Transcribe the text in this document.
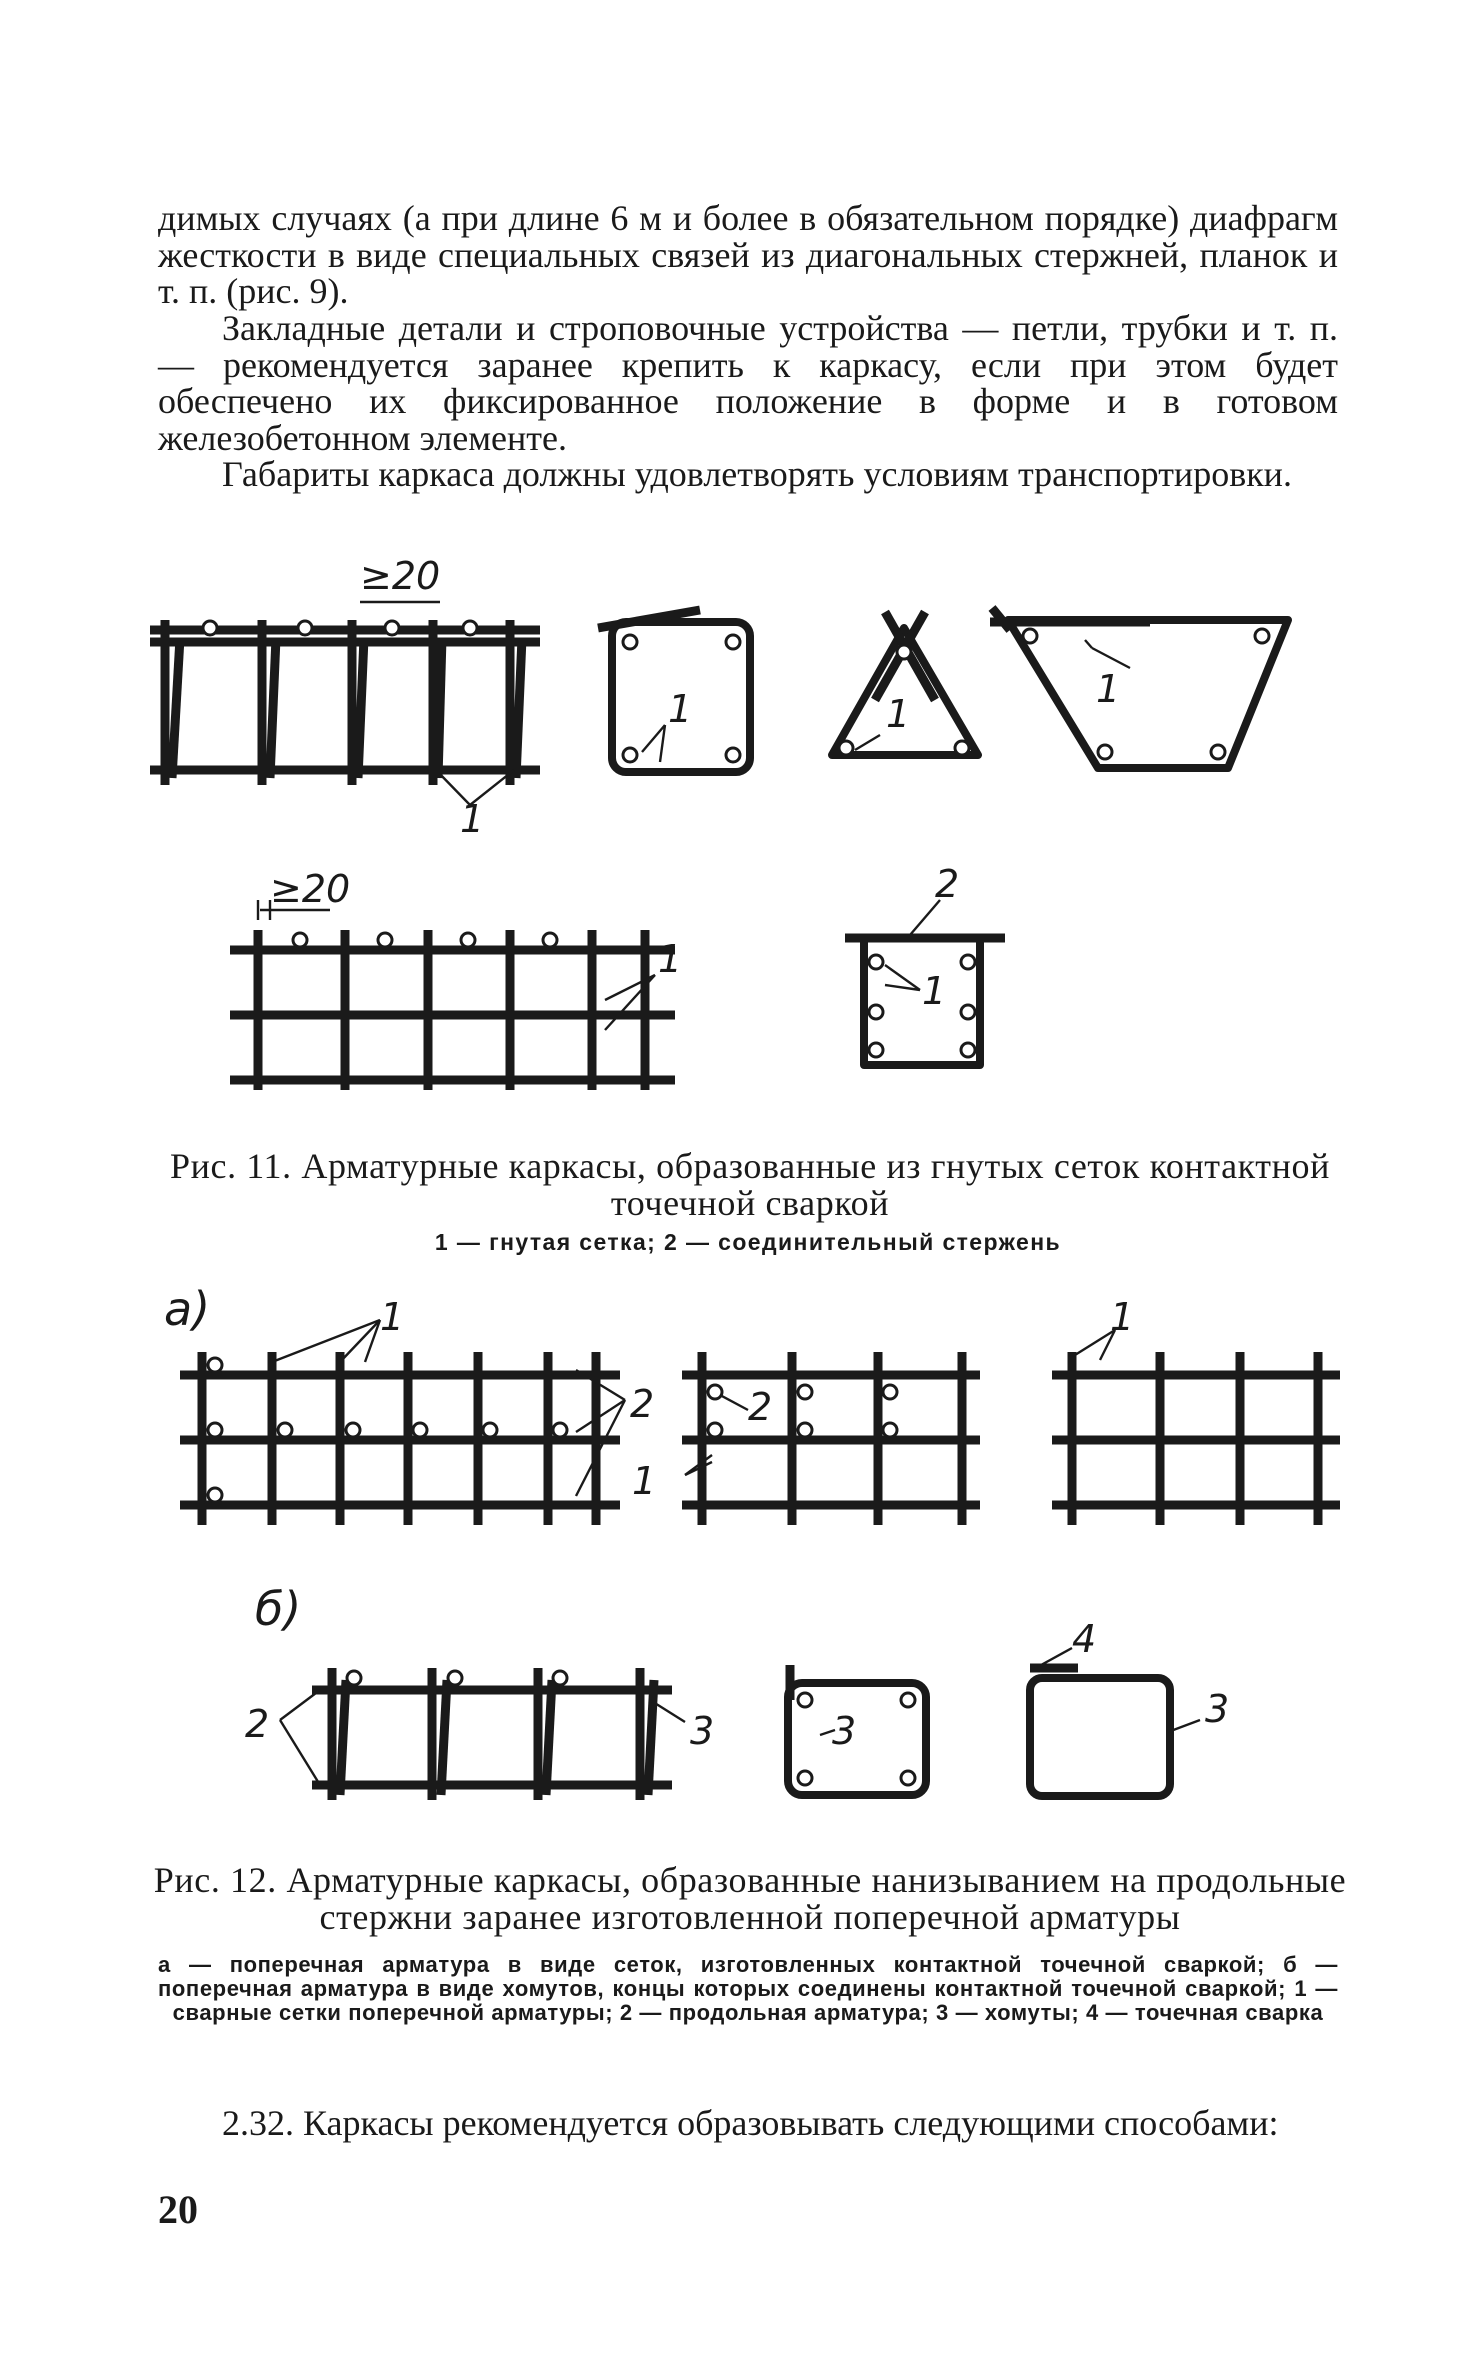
димых случаях (а при длине 6 м и более в обязательном порядке) диафрагм жесткости в виде специальных связей из диагональных стержней, планок и т. п. (рис. 9).

Закладные детали и строповочные устройства — петли, трубки и т. п. — рекомендуется заранее крепить к каркасу, если при этом будет обеспечено их фиксированное положение в форме и в готовом железобетонном элементе.

Габариты каркаса должны удовлетворять условиям транспортировки.

≥20
1
1	1
1
≥20
1
2
1
Рис. 11. Арматурные каркасы, образованные из гнутых сеток контактной точечной сваркой
1 — гнутая сетка; 2 — соединительный стержень
а)	1
2 2
1
1
б)
2	3	3
4
3
Рис. 12. Арматурные каркасы, образованные нанизыванием на продольные стержни заранее изготовленной поперечной арматуры
а — поперечная арматура в виде сеток, изготовленных контактной точечной сваркой; б — поперечная арматура в виде хомутов, концы которых соединены контактной точечной сваркой; 1 — сварные сетки поперечной арматуры; 2 — продольная арматура; 3 — хомуты; 4 — точечная сварка

2.32. Каркасы рекомендуется образовывать следующими способами:

20
